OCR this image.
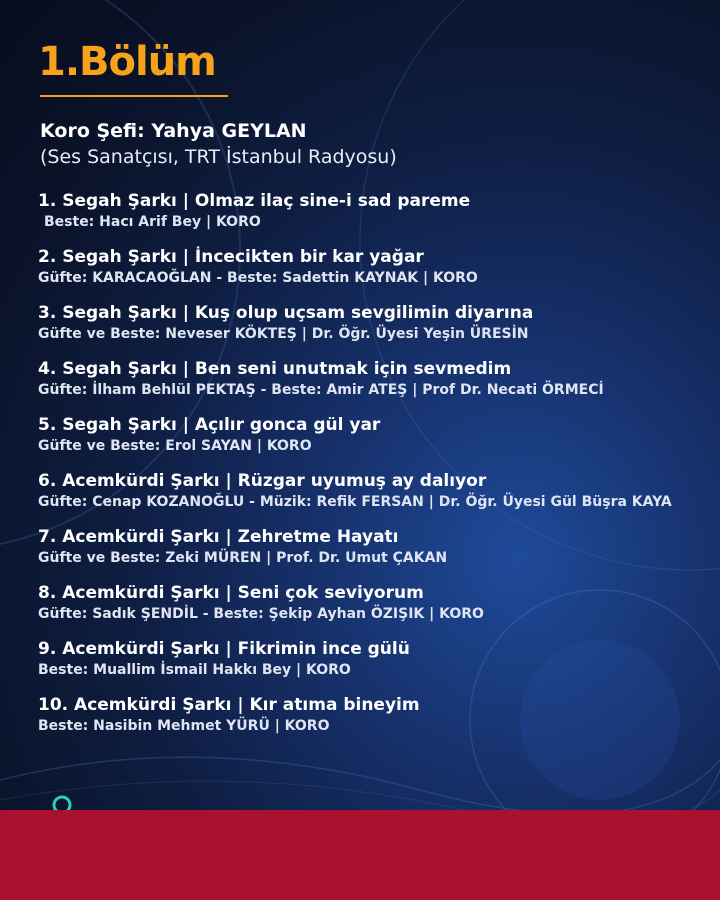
1.Bölüm
Koro Şefi: Yahya GEYLAN
(Ses Sanatçısı, TRT İstanbul Radyosu)
1. Segah Şarkı | Olmaz ilaç sine-i sad pareme
Beste: Hacı Arif Bey | KORO
2. Segah Şarkı | İncecikten bir kar yağar
Güfte: KARACAOĞLAN - Beste: Sadettin KAYNAK | KORO
3. Segah Şarkı | Kuş olup uçsam sevgilimin diyarına
Güfte ve Beste: Neveser KÖKTEŞ | Dr. Öğr. Üyesi Yeşin ÜRESİN
4. Segah Şarkı | Ben seni unutmak için sevmedim
Güfte: İlham Behlül PEKTAŞ - Beste: Amir ATEŞ | Prof Dr. Necati ÖRMECİ
5. Segah Şarkı | Açılır gonca gül yar
Güfte ve Beste: Erol SAYAN | KORO
6. Acemkürdi Şarkı | Rüzgar uyumuş ay dalıyor
Güfte: Cenap KOZANOĞLU - Müzik: Refik FERSAN | Dr. Öğr. Üyesi Gül Büşra KAYA
7. Acemkürdi Şarkı | Zehretme Hayatı
Güfte ve Beste: Zeki MÜREN | Prof. Dr. Umut ÇAKAN
8. Acemkürdi Şarkı | Seni çok seviyorum
Güfte: Sadık ŞENDİL - Beste: Şekip Ayhan ÖZIŞIK | KORO
9. Acemkürdi Şarkı | Fikrimin ince gülü
Beste: Muallim İsmail Hakkı Bey | KORO
10. Acemkürdi Şarkı | Kır atıma bineyim
Beste: Nasibin Mehmet YÜRÜ | KORO
